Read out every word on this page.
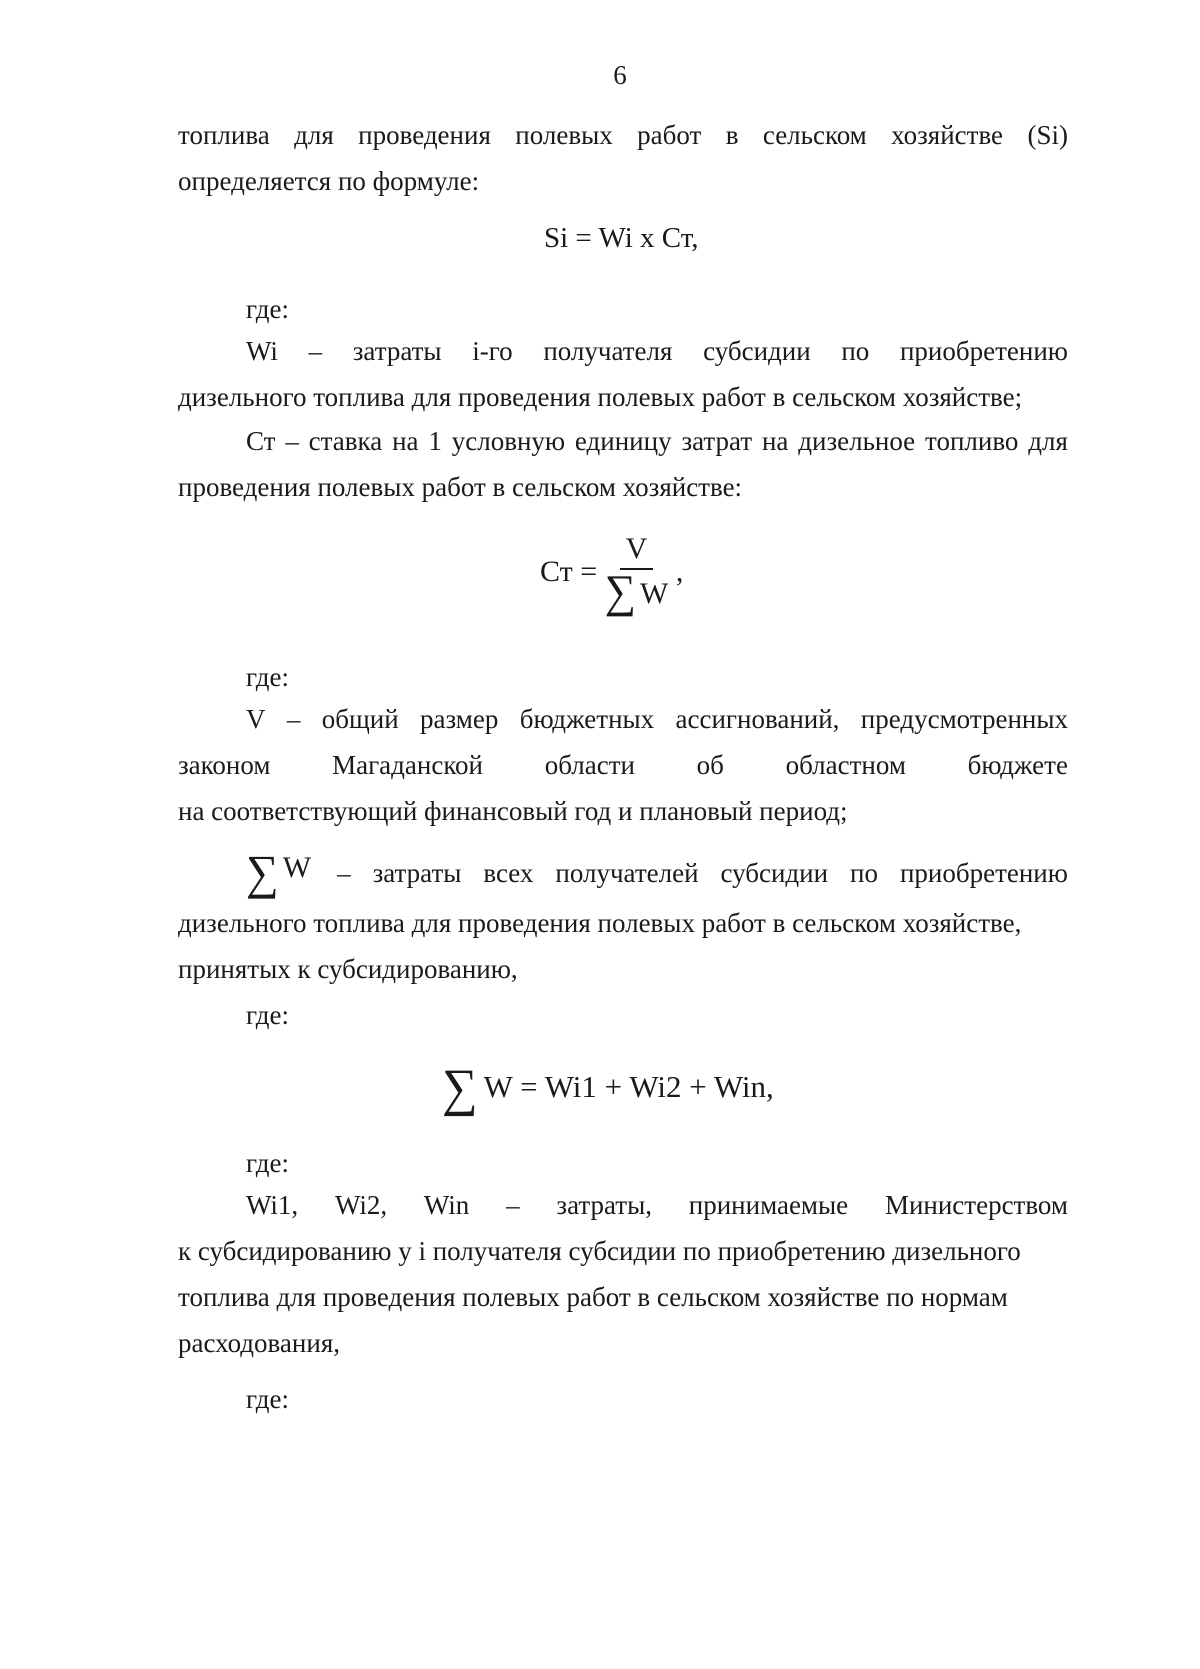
6
топлива для проведения полевых работ в сельском хозяйстве (Si)
определяется по формуле:
Si = Wi x Ст,
где:
Wi – затраты i-го получателя субсидии по приобретению
дизельного топлива для проведения полевых работ в сельском хозяйстве;
Ст – ставка на 1 условную единицу затрат на дизельное топливо для
проведения полевых работ в сельском хозяйстве:
Ст = $\frac{V}{\sum W}$ ,
где:
V – общий размер бюджетных ассигнований, предусмотренных
законом Магаданской области об областном бюджете
на соответствующий финансовый год и плановый период;
∑ W – затраты всех получателей субсидии по приобретению
дизельного топлива для проведения полевых работ в сельском хозяйстве,
принятых к субсидированию,
где:
∑ W = Wi1 + Wi2 + Win,
где:
Wi1, Wi2, Win – затраты, принимаемые Министерством
к субсидированию у i получателя субсидии по приобретению дизельного
топлива для проведения полевых работ в сельском хозяйстве по нормам
расходования,
где:
